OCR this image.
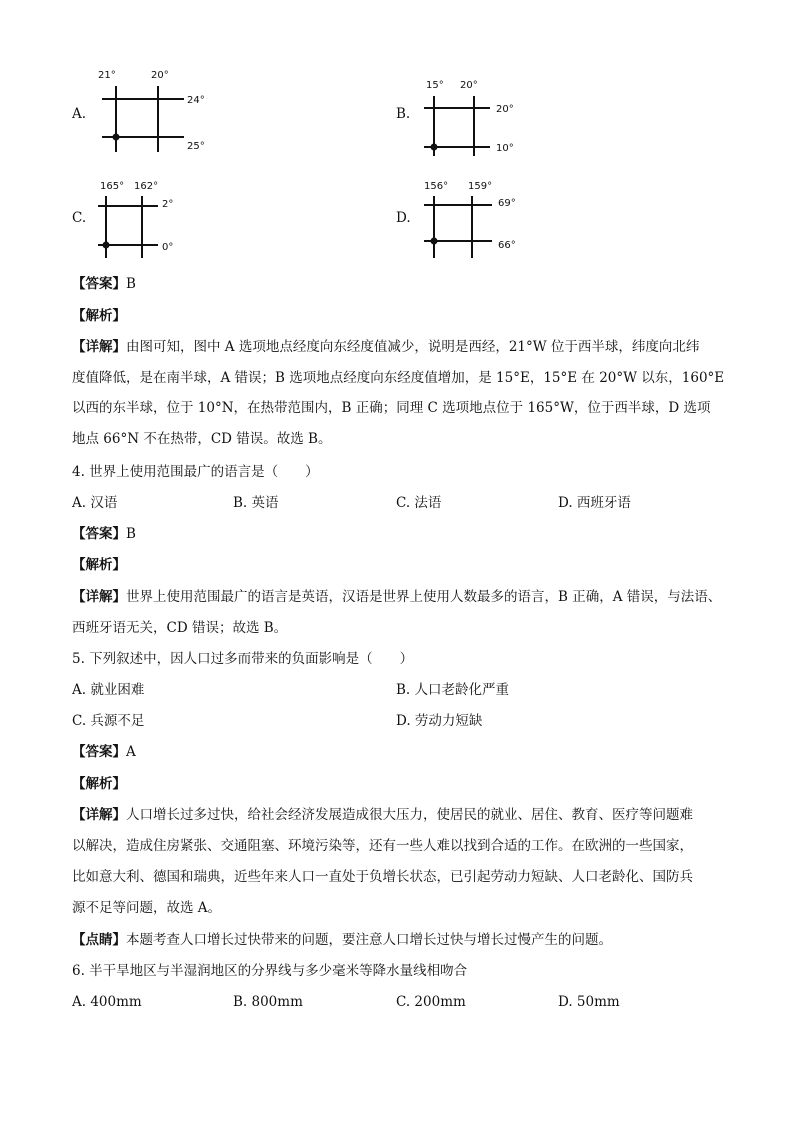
A.
21°	20°
24°
25°
B.
15° 20°
20°
10°
C.
165° 162°
2°
0°
D.
156° 159°
69°
66°
【答案】B
【解析】
【详解】由图可知，图中 A 选项地点经度向东经度值减少，说明是西经，21°W 位于西半球，纬度向北纬
度值降低，是在南半球，A 错误；B 选项地点经度向东经度值增加，是 15°E，15°E 在 20°W 以东，160°E
以西的东半球，位于 10°N，在热带范围内，B 正确；同理 C 选项地点位于 165°W，位于西半球，D 选项
地点 66°N 不在热带，CD 错误。故选 B。
4. 世界上使用范围最广的语言是（　　）
A. 汉语	B. 英语	C. 法语	D. 西班牙语
【答案】B
【解析】
【详解】世界上使用范围最广的语言是英语，汉语是世界上使用人数最多的语言，B 正确，A 错误，与法语、
西班牙语无关，CD 错误；故选 B。
5. 下列叙述中，因人口过多而带来的负面影响是（　　）
A. 就业困难	B. 人口老龄化严重
C. 兵源不足	D. 劳动力短缺
【答案】A
【解析】
【详解】人口增长过多过快，给社会经济发展造成很大压力，使居民的就业、居住、教育、医疗等问题难
以解决，造成住房紧张、交通阻塞、环境污染等，还有一些人难以找到合适的工作。在欧洲的一些国家，
比如意大利、德国和瑞典，近些年来人口一直处于负增长状态，已引起劳动力短缺、人口老龄化、国防兵
源不足等问题，故选 A。
【点睛】本题考查人口增长过快带来的问题，要注意人口增长过快与增长过慢产生的问题。
6. 半干旱地区与半湿润地区的分界线与多少毫米等降水量线相吻合
A. 400mm	B. 800mm	C. 200mm	D. 50mm
